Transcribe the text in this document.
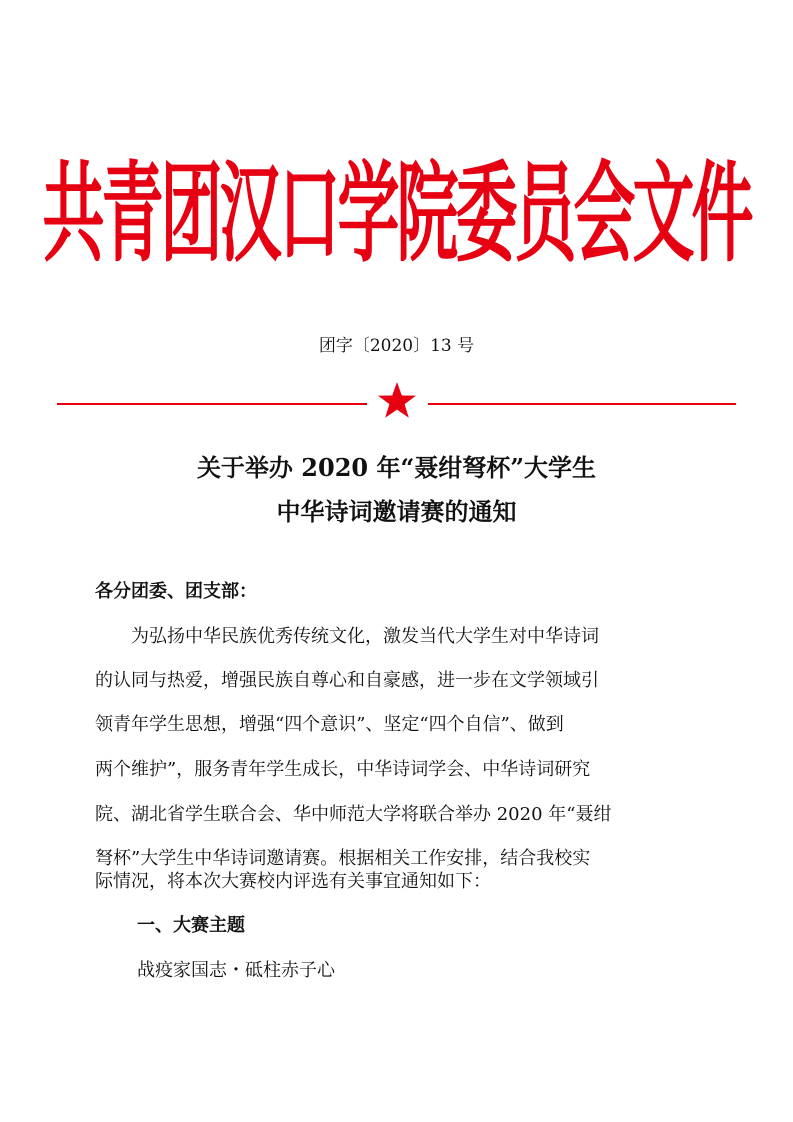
共青团汉口学院委员会文件
团字〔2020〕13 号
关于举办 2020 年“聂绀弩杯”大学生
中华诗词邀请赛的通知
各分团委、团支部：
　　为弘扬中华民族优秀传统文化，激发当代大学生对中华诗词
的认同与热爱，增强民族自尊心和自豪感，进一步在文学领域引
领青年学生思想，增强“四个意识”、坚定“四个自信”、做到
两个维护”，服务青年学生成长，中华诗词学会、中华诗词研究
院、湖北省学生联合会、华中师范大学将联合举办 2020 年“聂绀
弩杯”大学生中华诗词邀请赛。根据相关工作安排，结合我校实
际情况，将本次大赛校内评选有关事宜通知如下：
一、大赛主题
战疫家国志・砥柱赤子心
